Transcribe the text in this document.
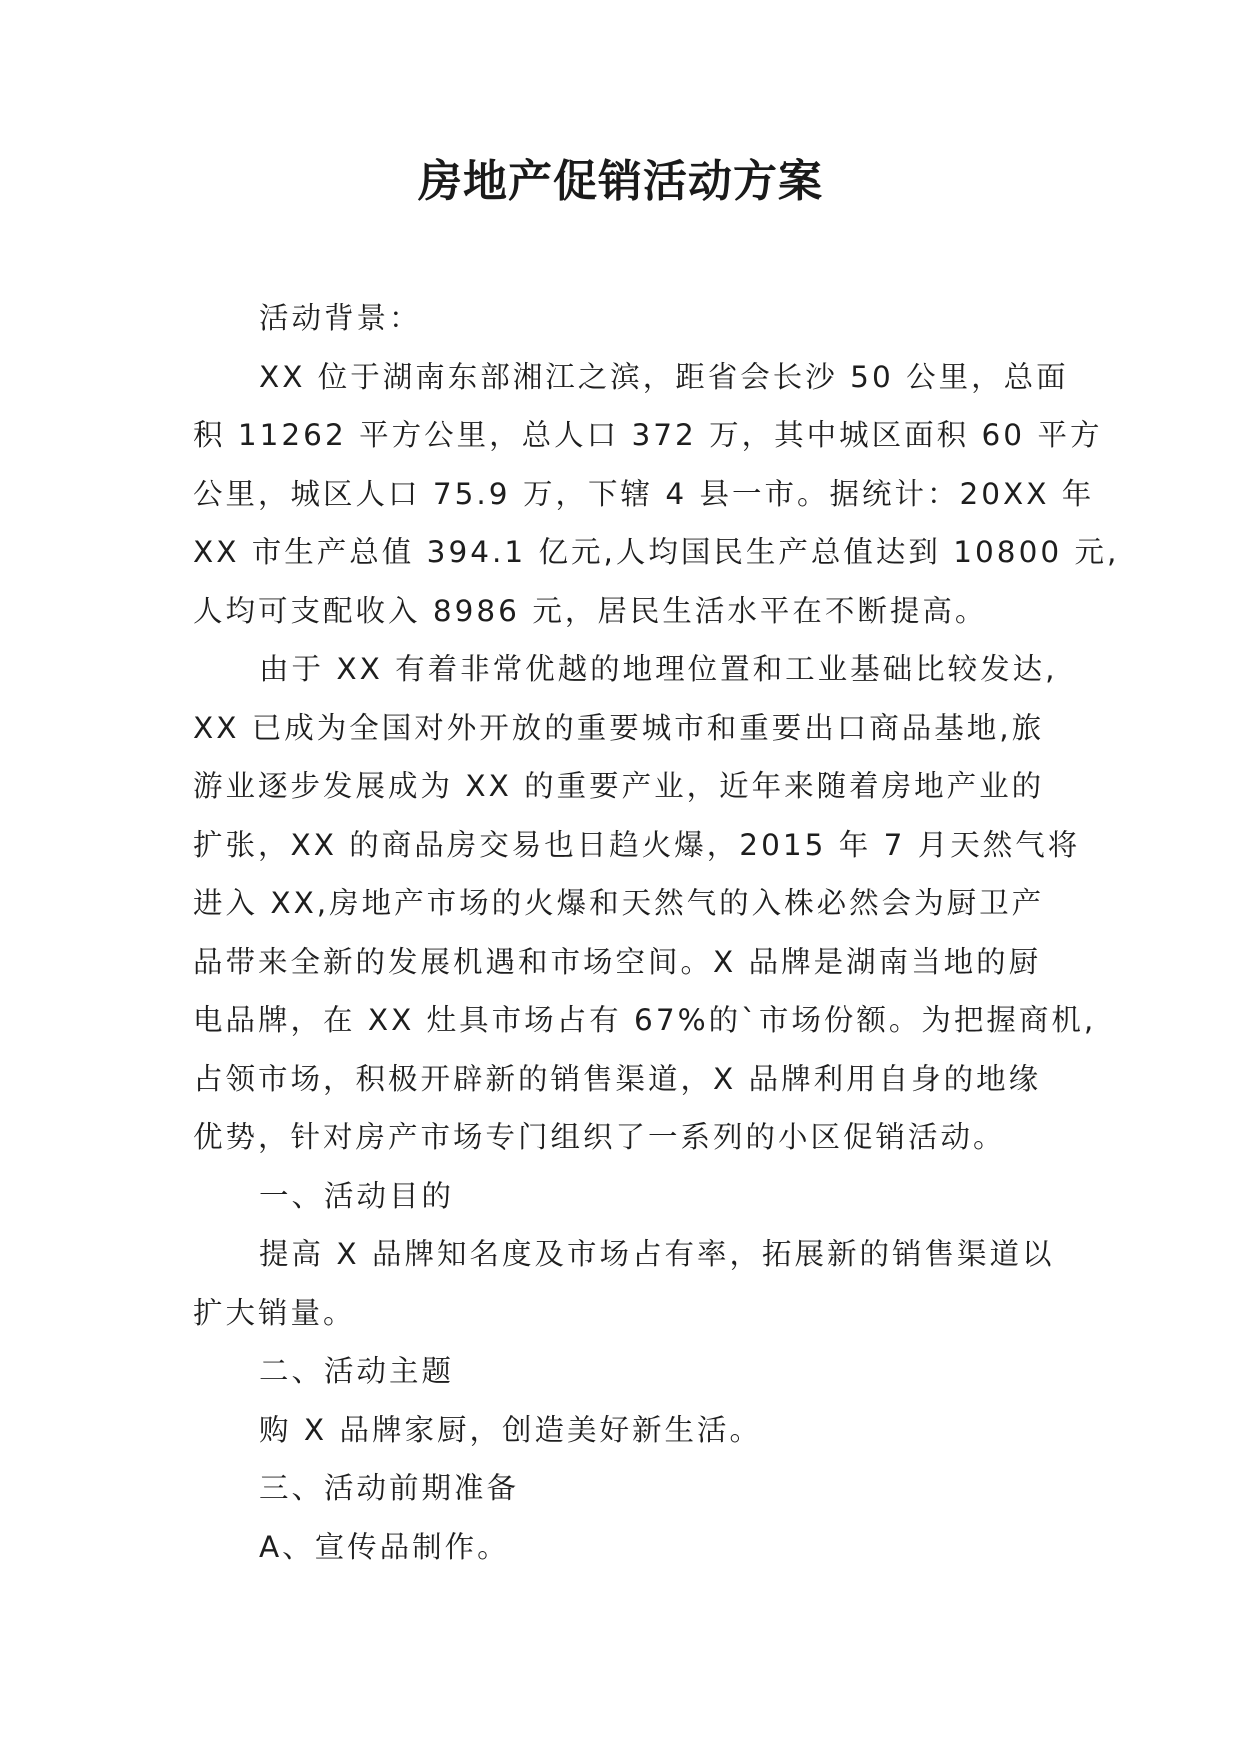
房地产促销活动方案
活动背景：
XX 位于湖南东部湘江之滨，距省会长沙 50 公里，总面
积 11262 平方公里，总人口 372 万，其中城区面积 60 平方
公里，城区人口 75.9 万，下辖 4 县一市。据统计：20XX 年
XX 市生产总值 394.1 亿元,人均国民生产总值达到 10800 元,
人均可支配收入 8986 元，居民生活水平在不断提高。
由于 XX 有着非常优越的地理位置和工业基础比较发达,
XX 已成为全国对外开放的重要城市和重要出口商品基地,旅
游业逐步发展成为 XX 的重要产业，近年来随着房地产业的
扩张，XX 的商品房交易也日趋火爆，2015 年 7 月天然气将
进入 XX,房地产市场的火爆和天然气的入株必然会为厨卫产
品带来全新的发展机遇和市场空间。X 品牌是湖南当地的厨
电品牌，在 XX 灶具市场占有 67%的`市场份额。为把握商机,
占领市场，积极开辟新的销售渠道，X 品牌利用自身的地缘
优势，针对房产市场专门组织了一系列的小区促销活动。
一、活动目的
提高 X 品牌知名度及市场占有率，拓展新的销售渠道以
扩大销量。
二、活动主题
购 X 品牌家厨，创造美好新生活。
三、活动前期准备
A、宣传品制作。
